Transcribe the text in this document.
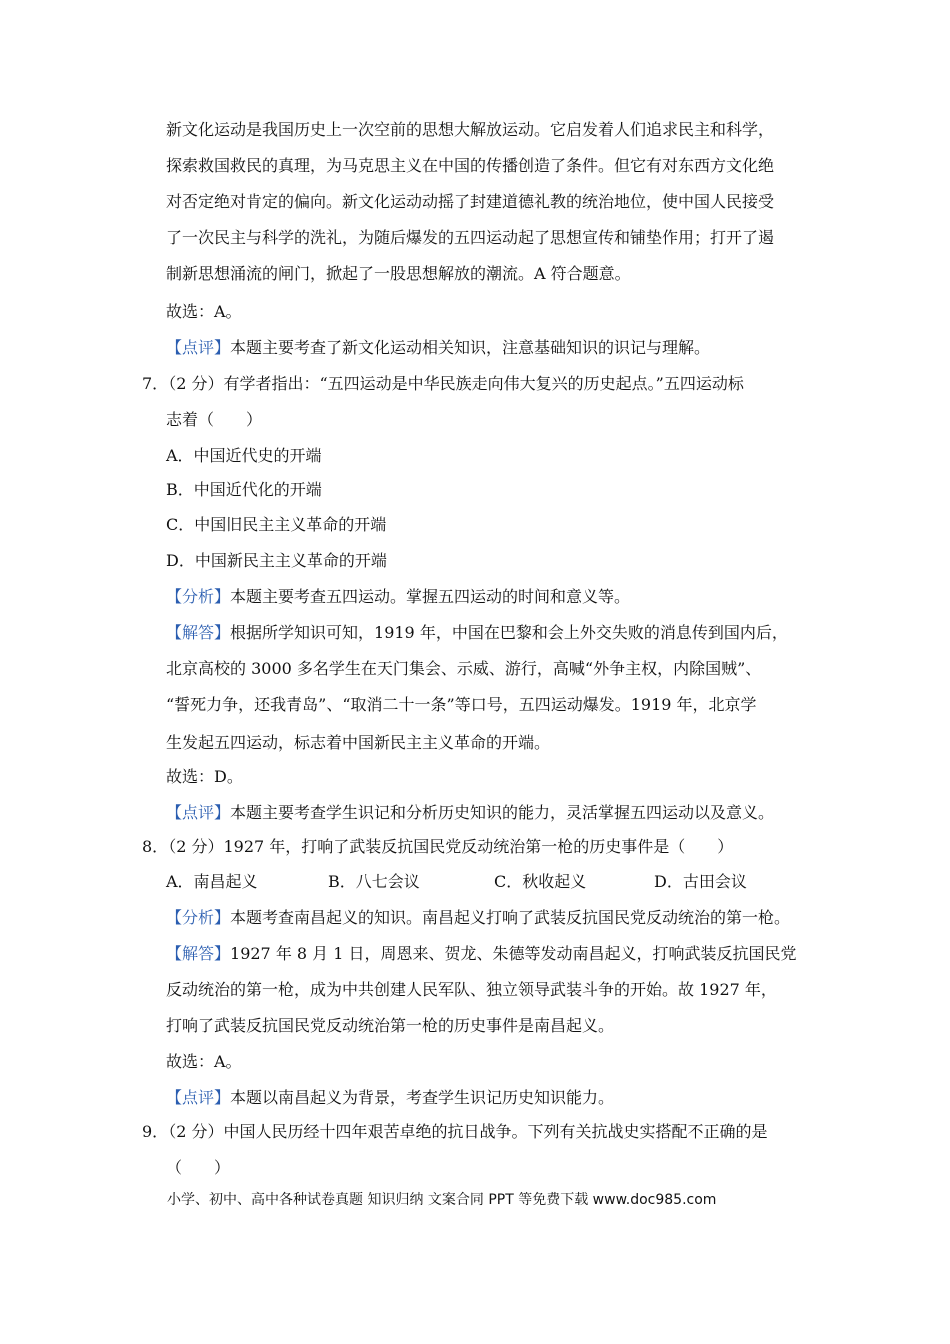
新文化运动是我国历史上一次空前的思想大解放运动。它启发着人们追求民主和科学，
探索救国救民的真理，为马克思主义在中国的传播创造了条件。但它有对东西方文化绝
对否定绝对肯定的偏向。新文化运动动摇了封建道德礼教的统治地位，使中国人民接受
了一次民主与科学的洗礼，为随后爆发的五四运动起了思想宣传和铺垫作用；打开了遏
制新思想涌流的闸门，掀起了一股思想解放的潮流。A 符合题意。
故选：A。
【点评】本题主要考查了新文化运动相关知识，注意基础知识的识记与理解。
7．（2 分）有学者指出：“五四运动是中华民族走向伟大复兴的历史起点。”五四运动标
志着（　　）
A．中国近代史的开端
B．中国近代化的开端
C．中国旧民主主义革命的开端
D．中国新民主主义革命的开端
【分析】本题主要考查五四运动。掌握五四运动的时间和意义等。
【解答】根据所学知识可知，1919 年，中国在巴黎和会上外交失败的消息传到国内后，
北京高校的 3000 多名学生在天门集会、示威、游行，高喊“外争主权，内除国贼”、
“誓死力争，还我青岛”、“取消二十一条”等口号，五四运动爆发。1919 年，北京学
生发起五四运动，标志着中国新民主主义革命的开端。
故选：D。
【点评】本题主要考查学生识记和分析历史知识的能力，灵活掌握五四运动以及意义。
8．（2 分）1927 年，打响了武装反抗国民党反动统治第一枪的历史事件是（　　）
A．南昌起义	B．八七会议	C．秋收起义	D．古田会议
【分析】本题考查南昌起义的知识。南昌起义打响了武装反抗国民党反动统治的第一枪。
【解答】1927 年 8 月 1 日，周恩来、贺龙、朱德等发动南昌起义，打响武装反抗国民党
反动统治的第一枪，成为中共创建人民军队、独立领导武装斗争的开始。故 1927 年，
打响了武装反抗国民党反动统治第一枪的历史事件是南昌起义。
故选：A。
【点评】本题以南昌起义为背景，考查学生识记历史知识能力。
9．（2 分）中国人民历经十四年艰苦卓绝的抗日战争。下列有关抗战史实搭配不正确的是
（　　）
小学、初中、高中各种试卷真题 知识归纳 文案合同 PPT 等免费下载 www.doc985.com
